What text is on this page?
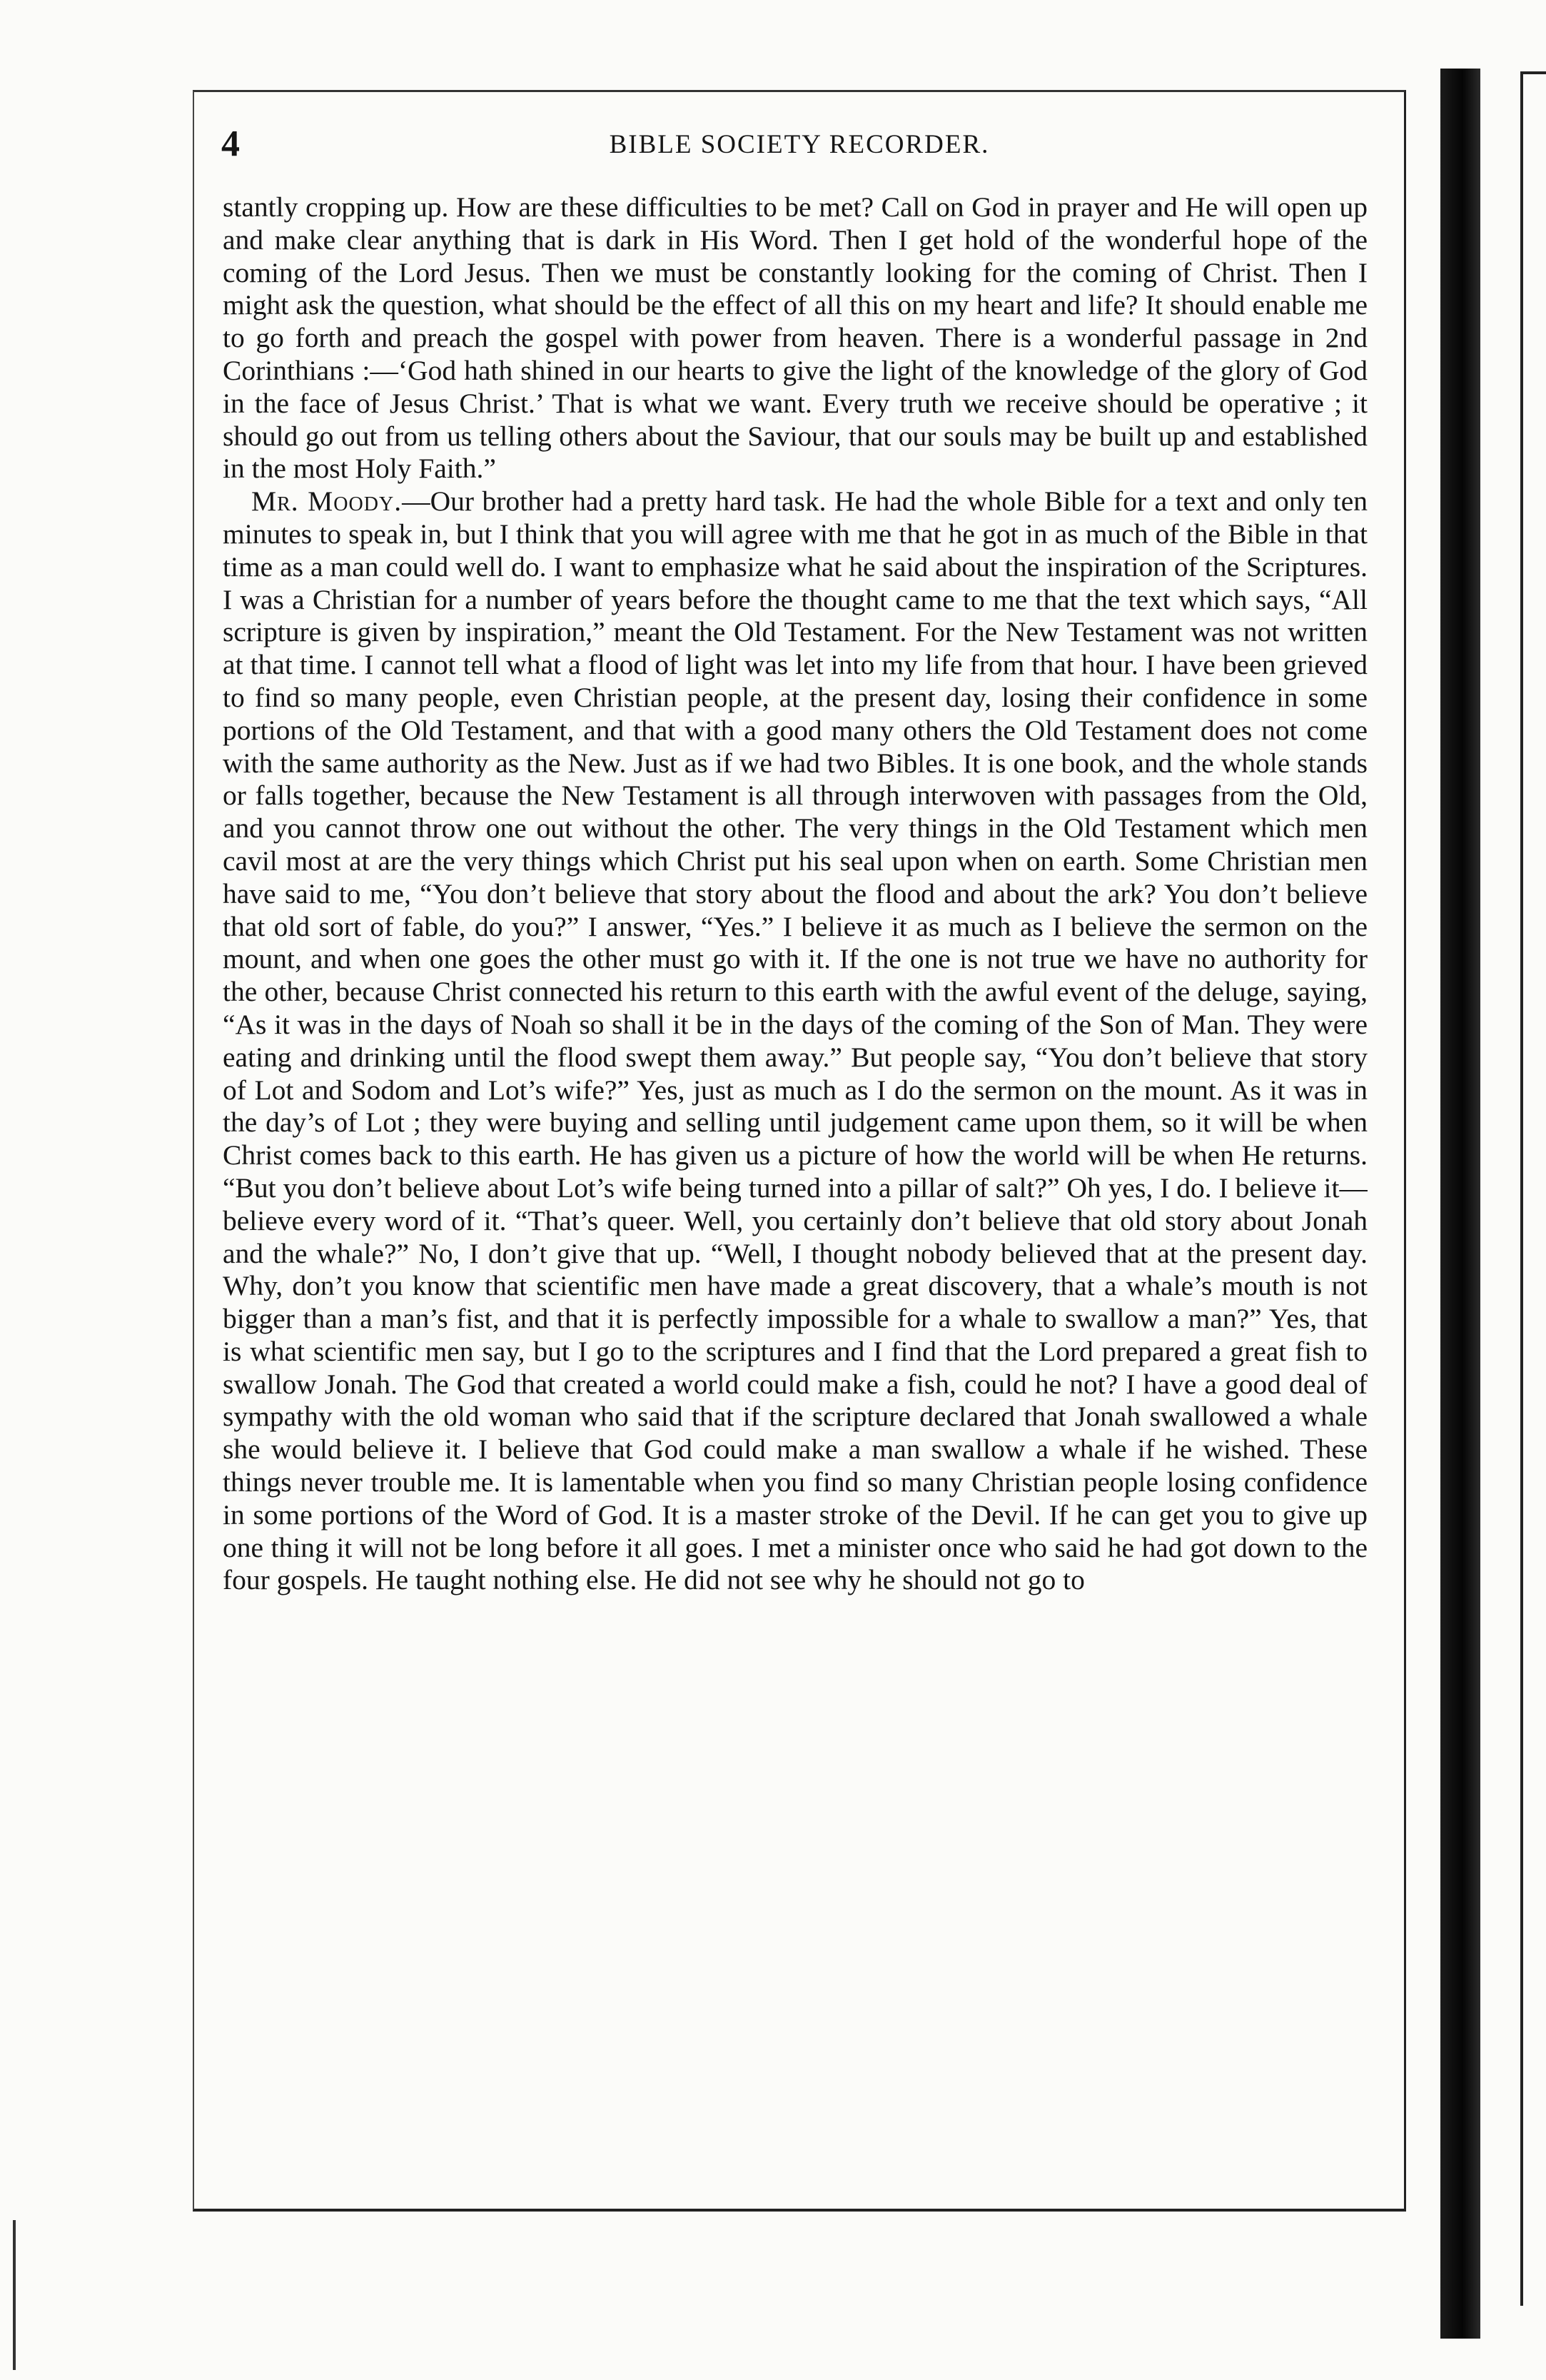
4	BIBLE SOCIETY RECORDER.

stantly cropping up. How are these difficulties to be met? Call on God in prayer and He will open up and make clear anything that is dark in His Word. Then I get hold of the wonderful hope of the coming of the Lord Jesus. Then we must be constantly looking for the coming of Christ. Then I might ask the question, what should be the effect of all this on my heart and life? It should enable me to go forth and preach the gospel with power from heaven. There is a wonderful passage in 2nd Corinthians :—‘God hath shined in our hearts to give the light of the knowledge of the glory of God in the face of Jesus Christ.’ That is what we want. Every truth we receive should be operative ; it should go out from us telling others about the Saviour, that our souls may be built up and established in the most Holy Faith.”

Mr. Moody.—Our brother had a pretty hard task. He had the whole Bible for a text and only ten minutes to speak in, but I think that you will agree with me that he got in as much of the Bible in that time as a man could well do. I want to emphasize what he said about the inspiration of the Scriptures. I was a Christian for a number of years before the thought came to me that the text which says, “All scripture is given by inspiration,” meant the Old Testament. For the New Testament was not written at that time. I cannot tell what a flood of light was let into my life from that hour. I have been grieved to find so many people, even Christian people, at the present day, losing their confidence in some portions of the Old Testament, and that with a good many others the Old Testament does not come with the same authority as the New. Just as if we had two Bibles. It is one book, and the whole stands or falls together, because the New Testament is all through interwoven with passages from the Old, and you cannot throw one out without the other. The very things in the Old Testament which men cavil most at are the very things which Christ put his seal upon when on earth. Some Christian men have said to me, “You don’t believe that story about the flood and about the ark? You don’t believe that old sort of fable, do you?” I answer, “Yes.” I believe it as much as I believe the sermon on the mount, and when one goes the other must go with it. If the one is not true we have no authority for the other, because Christ connected his return to this earth with the awful event of the deluge, saying, “As it was in the days of Noah so shall it be in the days of the coming of the Son of Man. They were eating and drinking until the flood swept them away.” But people say, “You don’t believe that story of Lot and Sodom and Lot’s wife?” Yes, just as much as I do the sermon on the mount. As it was in the day’s of Lot ; they were buying and selling until judgement came upon them, so it will be when Christ comes back to this earth. He has given us a picture of how the world will be when He returns. “But you don’t believe about Lot’s wife being turned into a pillar of salt?” Oh yes, I do. I believe it—believe every word of it. “That’s queer. Well, you certainly don’t believe that old story about Jonah and the whale?” No, I don’t give that up. “Well, I thought nobody believed that at the present day. Why, don’t you know that scientific men have made a great discovery, that a whale’s mouth is not bigger than a man’s fist, and that it is perfectly impossible for a whale to swallow a man?” Yes, that is what scientific men say, but I go to the scriptures and I find that the Lord prepared a great fish to swallow Jonah. The God that created a world could make a fish, could he not? I have a good deal of sympathy with the old woman who said that if the scripture declared that Jonah swallowed a whale she would believe it. I believe that God could make a man swallow a whale if he wished. These things never trouble me. It is lamentable when you find so many Christian people losing confidence in some portions of the Word of God. It is a master stroke of the Devil. If he can get you to give up one thing it will not be long before it all goes. I met a minister once who said he had got down to the four gospels. He taught nothing else. He did not see why he should not go to
